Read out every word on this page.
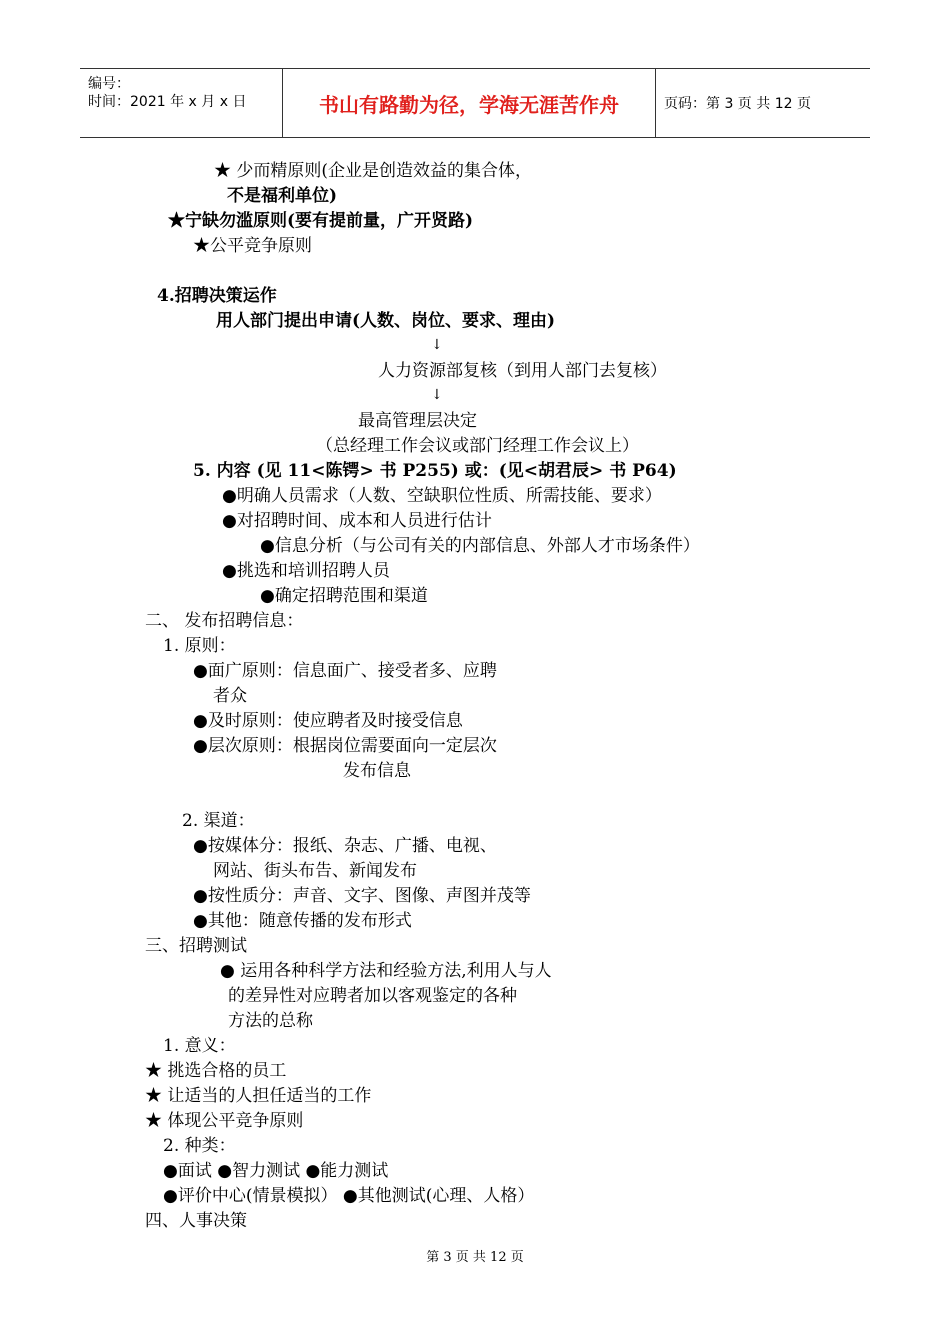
编号：
时间：2021 年 x 月 x 日	书山有路勤为径，学海无涯苦作舟	页码：第 3 页 共 12 页
★ 少而精原则(企业是创造效益的集合体，
不是福利单位)
★宁缺勿滥原则(要有提前量，广开贤路)
★公平竞争原则
4.招聘决策运作
用人部门提出申请(人数、岗位、要求、理由)
↓
人力资源部复核（到用人部门去复核）
↓
最高管理层决定
（总经理工作会议或部门经理工作会议上）
5. 内容 (见 11<陈锷> 书 P255) 或：(见<胡君辰> 书 P64)
●明确人员需求（人数、空缺职位性质、所需技能、要求）
●对招聘时间、成本和人员进行估计
●信息分析（与公司有关的内部信息、外部人才市场条件）
●挑选和培训招聘人员
●确定招聘范围和渠道
二、 发布招聘信息：
1. 原则：
●面广原则：信息面广、接受者多、应聘
者众
●及时原则：使应聘者及时接受信息
●层次原则：根据岗位需要面向一定层次
发布信息
2. 渠道：
●按媒体分：报纸、杂志、广播、电视、
网站、街头布告、新闻发布
●按性质分：声音、文字、图像、声图并茂等
●其他：随意传播的发布形式
三、招聘测试
● 运用各种科学方法和经验方法,利用人与人
的差异性对应聘者加以客观鉴定的各种
方法的总称
1. 意义：
★ 挑选合格的员工
★ 让适当的人担任适当的工作
★ 体现公平竞争原则
2. 种类：
●面试 ●智力测试 ●能力测试
●评价中心(情景模拟） ●其他测试(心理、人格）
四、人事决策
第 3 页 共 12 页
